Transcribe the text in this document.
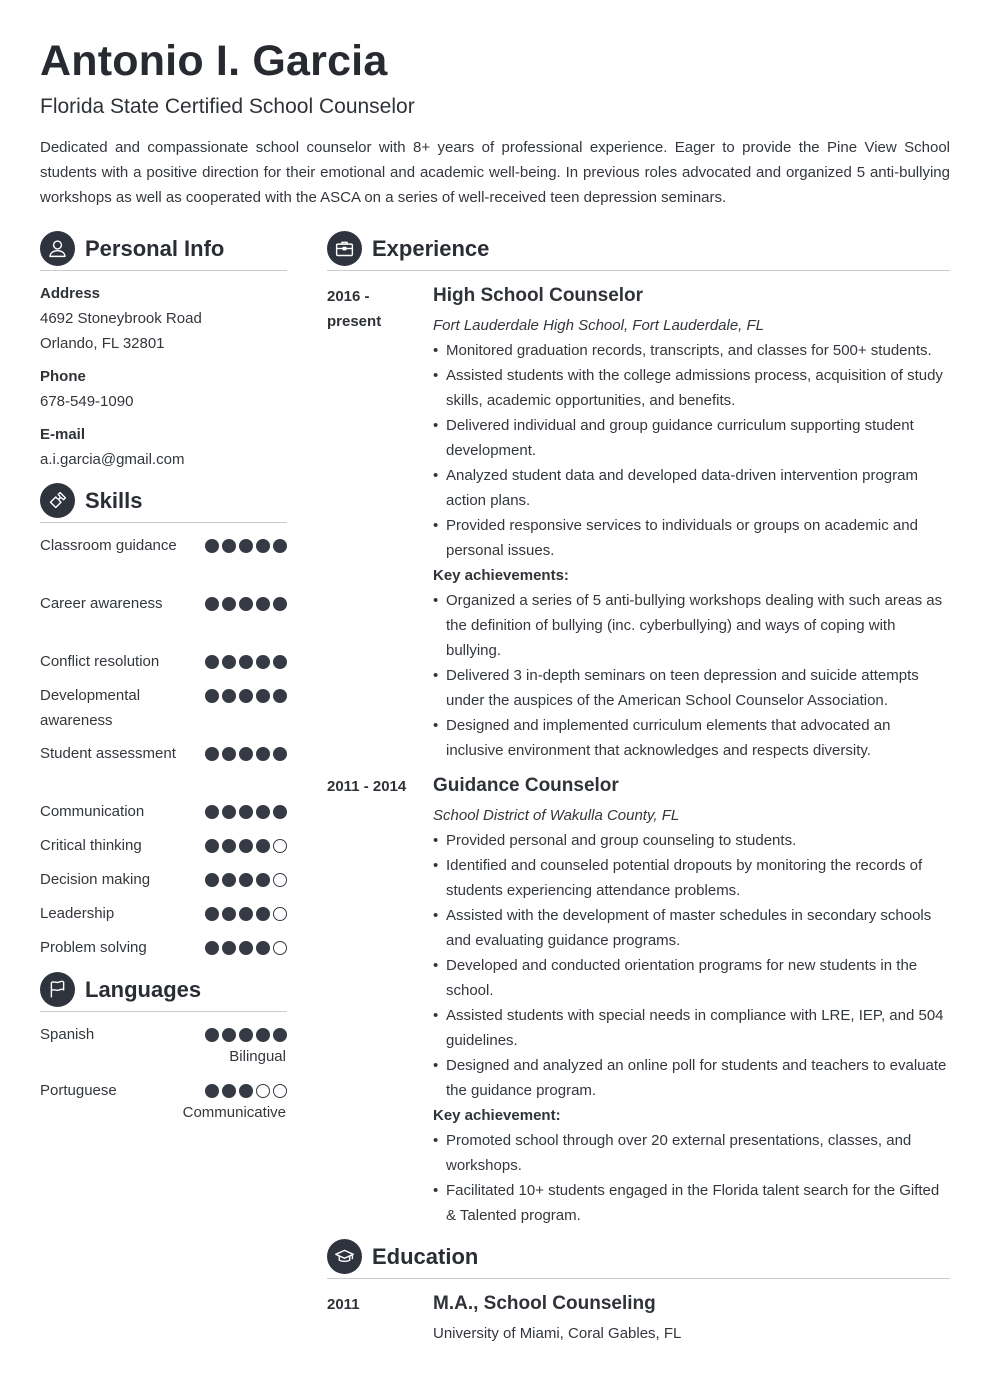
Antonio I. Garcia
Florida State Certified School Counselor

Dedicated and compassionate school counselor with 8+ years of professional experience. Eager to provide the Pine View School students with a positive direction for their emotional and academic well-being. In previous roles advocated and organized 5 anti-bullying workshops as well as cooperated with the ASCA on a series of well-received teen depression seminars.

Personal Info
Address
4692 Stoneybrook Road
Orlando, FL 32801
Phone
678-549-1090
E-mail
a.i.garcia@gmail.com
Skills
Classroom guidance
Career awareness
Conflict resolution
Developmental awareness
Student assessment
Communication
Critical thinking
Decision making
Leadership
Problem solving
Languages
Spanish
Bilingual
Portuguese
Communicative
Experience
2016 - present
High School Counselor
Fort Lauderdale High School, Fort Lauderdale, FL
• Monitored graduation records, transcripts, and classes for 500+ students.
• Assisted students with the college admissions process, acquisition of study skills, academic opportunities, and benefits.
• Delivered individual and group guidance curriculum supporting student development.
• Analyzed student data and developed data-driven intervention program action plans.
• Provided responsive services to individuals or groups on academic and personal issues.
Key achievements:
• Organized a series of 5 anti-bullying workshops dealing with such areas as the definition of bullying (inc. cyberbullying) and ways of coping with bullying.
• Delivered 3 in-depth seminars on teen depression and suicide attempts under the auspices of the American School Counselor Association.
• Designed and implemented curriculum elements that advocated an inclusive environment that acknowledges and respects diversity.
2011 - 2014	Guidance Counselor
School District of Wakulla County, FL
• Provided personal and group counseling to students.
• Identified and counseled potential dropouts by monitoring the records of students experiencing attendance problems.
• Assisted with the development of master schedules in secondary schools and evaluating guidance programs.
• Developed and conducted orientation programs for new students in the school.
• Assisted students with special needs in compliance with LRE, IEP, and 504 guidelines.
• Designed and analyzed an online poll for students and teachers to evaluate the guidance program.
Key achievement:
• Promoted school through over 20 external presentations, classes, and workshops.
• Facilitated 10+ students engaged in the Florida talent search for the Gifted & Talented program.
Education
2011	M.A., School Counseling
University of Miami, Coral Gables, FL
